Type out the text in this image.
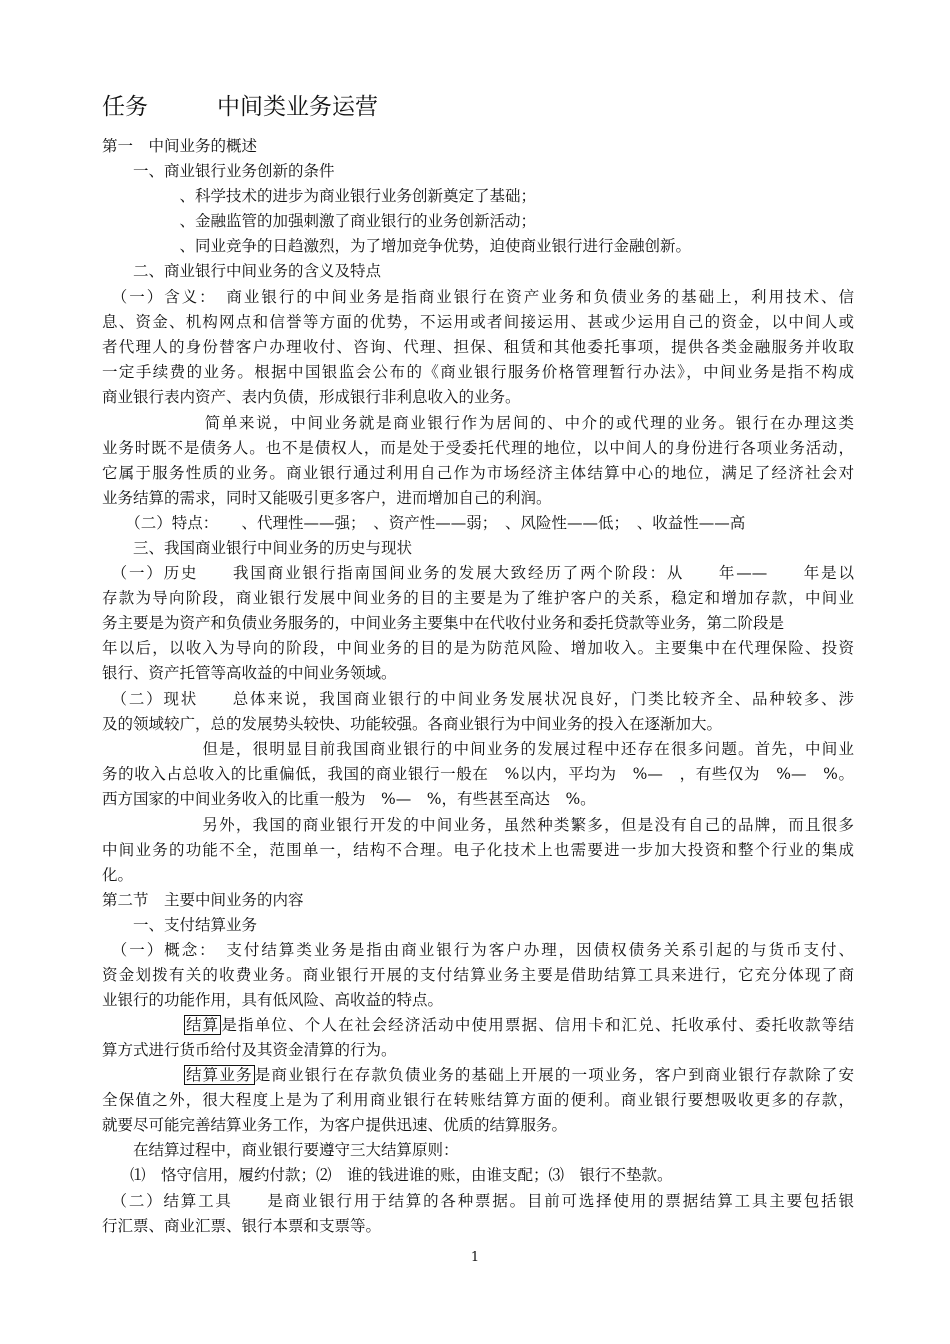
任务　　　中间类业务运营
第一　中间业务的概述
　　一、商业银行业务创新的条件
　　　　　、科学技术的进步为商业银行业务创新奠定了基础；
　　　　　、金融监管的加强刺激了商业银行的业务创新活动；
　　　　　、同业竞争的日趋激烈，为了增加竞争优势，迫使商业银行进行金融创新。
　　二、商业银行中间业务的含义及特点
　（一）含义：　商业银行的中间业务是指商业银行在资产业务和负债业务的基础上，利用技术、信
息、资金、机构网点和信誉等方面的优势，不运用或者间接运用、甚或少运用自己的资金，以中间人或
者代理人的身份替客户办理收付、咨询、代理、担保、租赁和其他委托事项，提供各类金融服务并收取
一定手续费的业务。根据中国银监会公布的《商业银行服务价格管理暂行办法》，中间业务是指不构成
商业银行表内资产、表内负债，形成银行非利息收入的业务。
　　　　　　简单来说，中间业务就是商业银行作为居间的、中介的或代理的业务。银行在办理这类
业务时既不是债务人。也不是债权人，而是处于受委托代理的地位，以中间人的身份进行各项业务活动，
它属于服务性质的业务。商业银行通过利用自己作为市场经济主体结算中心的地位，满足了经济社会对
业务结算的需求，同时又能吸引更多客户，进而增加自己的利润。
　　（二）特点：　　、代理性——强；　、资产性——弱；　、风险性——低；　、收益性——高
　　三、我国商业银行中间业务的历史与现状
　（一）历史　　我国商业银行指南国间业务的发展大致经历了两个阶段：从　　年——　　年是以
存款为导向阶段，商业银行发展中间业务的目的主要是为了维护客户的关系，稳定和增加存款，中间业
务主要是为资产和负债业务服务的，中间业务主要集中在代收付业务和委托贷款等业务，第二阶段是
年以后，以收入为导向的阶段，中间业务的目的是为防范风险、增加收入。主要集中在代理保险、投资
银行、资产托管等高收益的中间业务领域。
　（二）现状　　总体来说，我国商业银行的中间业务发展状况良好，门类比较齐全、品种较多、涉
及的领域较广，总的发展势头较快、功能较强。各商业银行为中间业务的投入在逐渐加大。
　　　　　　但是，很明显目前我国商业银行的中间业务的发展过程中还存在很多问题。首先，中间业
务的收入占总收入的比重偏低，我国的商业银行一般在　%以内，平均为　%—　，有些仅为　%—　%。
西方国家的中间业务收入的比重一般为　%—　%，有些甚至高达　%。
　　　　　　另外，我国的商业银行开发的中间业务，虽然种类繁多，但是没有自己的品牌，而且很多
中间业务的功能不全，范围单一，结构不合理。电子化技术上也需要进一步加大投资和整个行业的集成
化。
第二节　主要中间业务的内容
　　一、支付结算业务
　（一）概念：　支付结算类业务是指由商业银行为客户办理，因债权债务关系引起的与货币支付、
资金划拨有关的收费业务。商业银行开展的支付结算业务主要是借助结算工具来进行，它充分体现了商
业银行的功能作用，具有低风险、高收益的特点。
结算 是指单位、个人在社会经济活动中使用票据、信用卡和汇兑、托收承付、委托收款等结
算方式进行货币给付及其资金清算的行为。
结算业务 是商业银行在存款负债业务的基础上开展的一项业务，客户到商业银行存款除了安
全保值之外，很大程度上是为了利用商业银行在转账结算方面的便利。商业银行要想吸收更多的存款，
就要尽可能完善结算业务工作，为客户提供迅速、优质的结算服务。
　　在结算过程中，商业银行要遵守三大结算原则：
⑴　恪守信用，履约付款；⑵　谁的钱进谁的账，由谁支配；⑶　银行不垫款。
　（二）结算工具　　是商业银行用于结算的各种票据。目前可选择使用的票据结算工具主要包括银
行汇票、商业汇票、银行本票和支票等。
1
